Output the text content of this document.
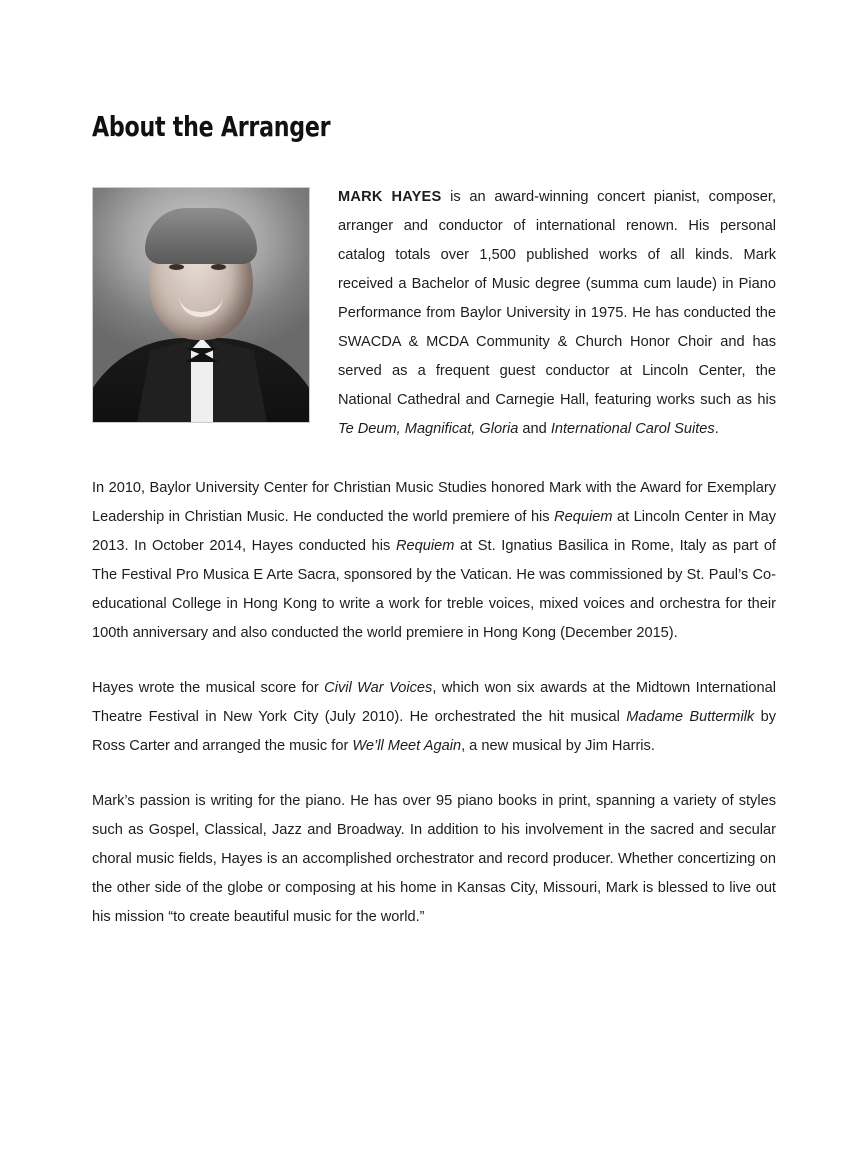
About the Arranger

MARK HAYES is an award-winning concert pianist, composer, arranger and conductor of international renown. His personal catalog totals over 1,500 published works of all kinds. Mark received a Bachelor of Music degree (summa cum laude) in Piano Performance from Baylor University in 1975. He has conducted the SWACDA & MCDA Community & Church Honor Choir and has served as a frequent guest conductor at Lincoln Center, the National Cathedral and Carnegie Hall, featuring works such as his Te Deum, Magnificat, Gloria and International Carol Suites.

In 2010, Baylor University Center for Christian Music Studies honored Mark with the Award for Exemplary Leadership in Christian Music. He conducted the world premiere of his Requiem at Lincoln Center in May 2013. In October 2014, Hayes conducted his Requiem at St. Ignatius Basilica in Rome, Italy as part of The Festival Pro Musica E Arte Sacra, sponsored by the Vatican. He was commissioned by St. Paul’s Co-educational College in Hong Kong to write a work for treble voices, mixed voices and orchestra for their 100th anniversary and also conducted the world premiere in Hong Kong (December 2015).

Hayes wrote the musical score for Civil War Voices, which won six awards at the Midtown International Theatre Festival in New York City (July 2010). He orchestrated the hit musical Madame Buttermilk by Ross Carter and arranged the music for We’ll Meet Again, a new musical by Jim Harris.

Mark’s passion is writing for the piano. He has over 95 piano books in print, spanning a variety of styles such as Gospel, Classical, Jazz and Broadway. In addition to his involvement in the sacred and secular choral music fields, Hayes is an accomplished orchestrator and record producer. Whether concertizing on the other side of the globe or composing at his home in Kansas City, Missouri, Mark is blessed to live out his mission “to create beautiful music for the world.”
